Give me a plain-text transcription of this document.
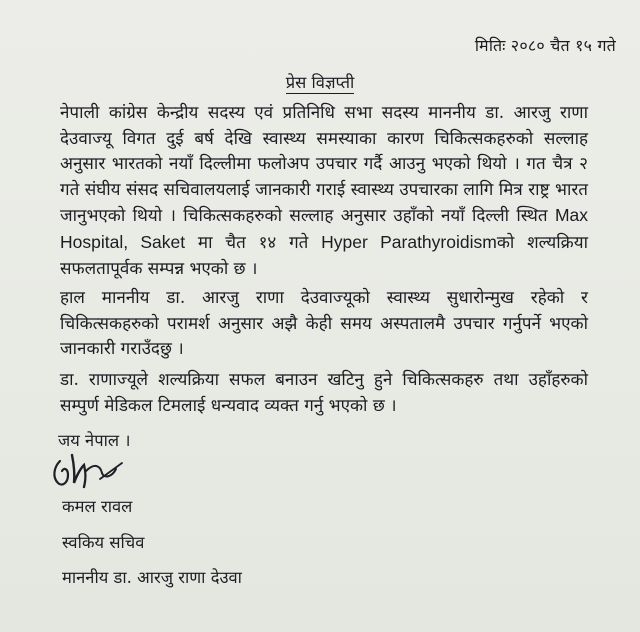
मितिः २०८० चैत १५ गते
प्रेस विज्ञप्ती

नेपाली कांग्रेस केन्द्रीय सदस्य एवं प्रतिनिधि सभा सदस्य माननीय डा. आरजु राणा देउवाज्यू विगत दुई बर्ष देखि स्वास्थ्य समस्याका कारण चिकित्सकहरुको सल्लाह अनुसार भारतको नयाँ दिल्लीमा फलोअप उपचार गर्दै आउनु भएको थियो । गत चैत्र २ गते संघीय संसद सचिवालयलाई जानकारी गराई स्वास्थ्य उपचारका लागि मित्र राष्ट्र भारत जानुभएको थियो । चिकित्सकहरुको सल्लाह अनुसार उहाँको नयाँ दिल्ली स्थित Max Hospital, Saket मा चैत १४ गते Hyper Parathyroidismको शल्यक्रिया सफलतापूर्वक सम्पन्न भएको छ ।

हाल माननीय डा. आरजु राणा देउवाज्यूको स्वास्थ्य सुधारोन्मुख रहेको र चिकित्सकहरुको परामर्श अनुसार अझै केही समय अस्पतालमै उपचार गर्नुपर्ने भएको जानकारी गराउँदछु ।

डा. राणाज्यूले शल्यक्रिया सफल बनाउन खटिनु हुने चिकित्सकहरु तथा उहाँहरुको सम्पुर्ण मेडिकल टिमलाई धन्यवाद व्यक्त गर्नु भएको छ ।

जय नेपाल ।
कमल रावल
स्वकिय सचिव
माननीय डा. आरजु राणा देउवा
